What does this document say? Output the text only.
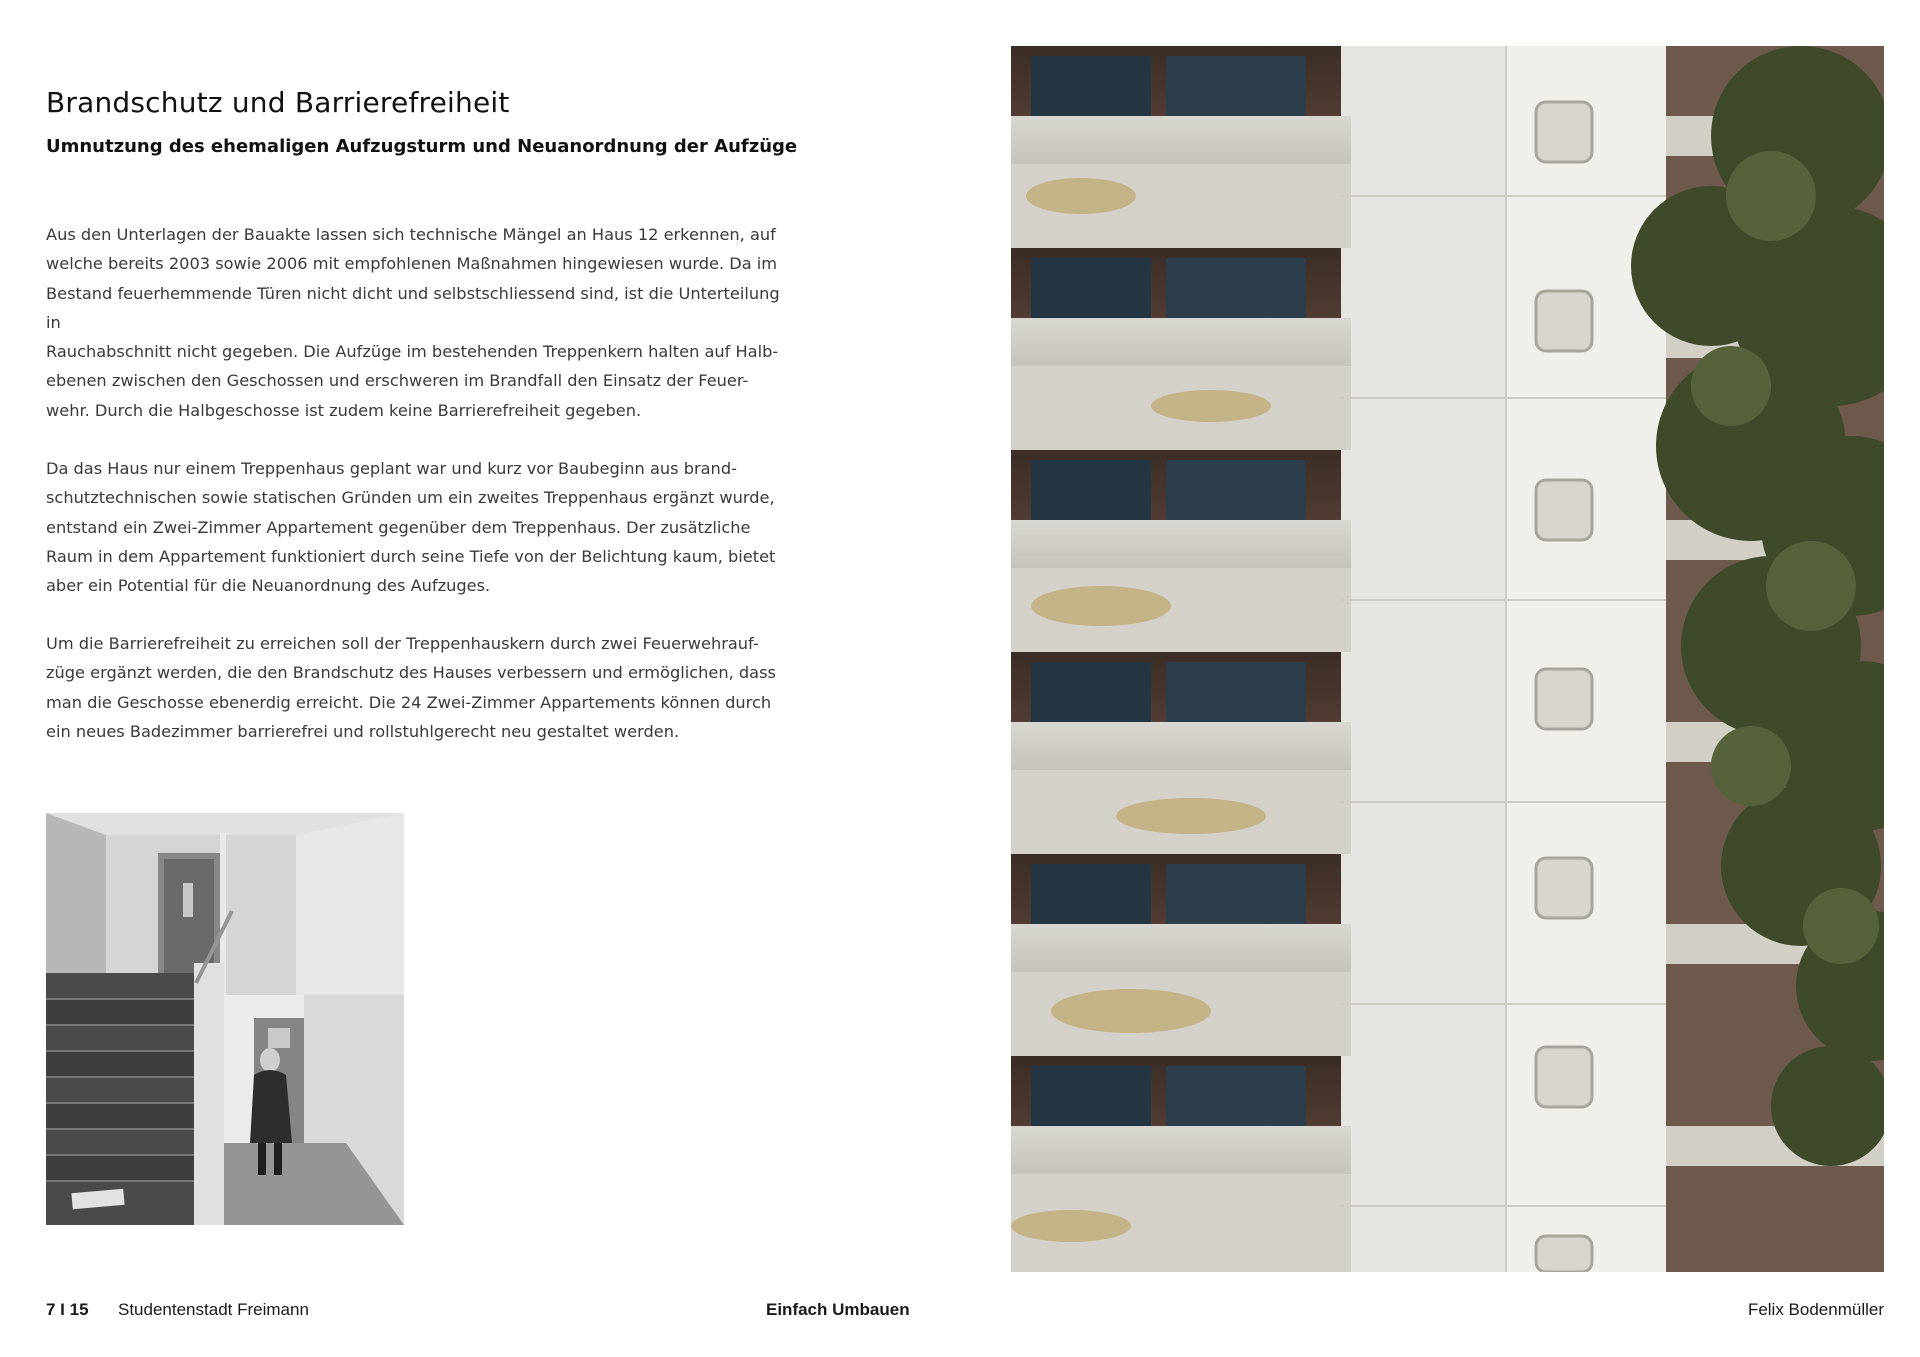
Brandschutz und Barrierefreiheit
Umnutzung des ehemaligen Aufzugsturm und Neuanordnung der Aufzüge

Aus den Unterlagen der Bauakte lassen sich technische Mängel an Haus 12 erkennen, auf
welche bereits 2003 sowie 2006 mit empfohlenen Maßnahmen hingewiesen wurde. Da im
Bestand feuerhemmende Türen nicht dicht und selbstschliessend sind, ist die Unterteilung in
Rauchabschnitt nicht gegeben. Die Aufzüge im bestehenden Treppenkern halten auf Halb-
ebenen zwischen den Geschossen und erschweren im Brandfall den Einsatz der Feuer-
wehr. Durch die Halbgeschosse ist zudem keine Barrierefreiheit gegeben.

Da das Haus nur einem Treppenhaus geplant war und kurz vor Baubeginn aus brand-
schutztechnischen sowie statischen Gründen um ein zweites Treppenhaus ergänzt wurde,
entstand ein Zwei-Zimmer Appartement gegenüber dem Treppenhaus. Der zusätzliche
Raum in dem Appartement funktioniert durch seine Tiefe von der Belichtung kaum, bietet
aber ein Potential für die Neuanordnung des Aufzuges.

Um die Barrierefreiheit zu erreichen soll der Treppenhauskern durch zwei Feuerwehrauf-
züge ergänzt werden, die den Brandschutz des Hauses verbessern und ermöglichen, dass
man die Geschosse ebenerdig erreicht. Die 24 Zwei-Zimmer Appartements können durch
ein neues Badezimmer barrierefrei und rollstuhlgerecht neu gestaltet werden.

7 I 15 Studentenstadt Freimann	Einfach Umbauen	Felix Bodenmüller
